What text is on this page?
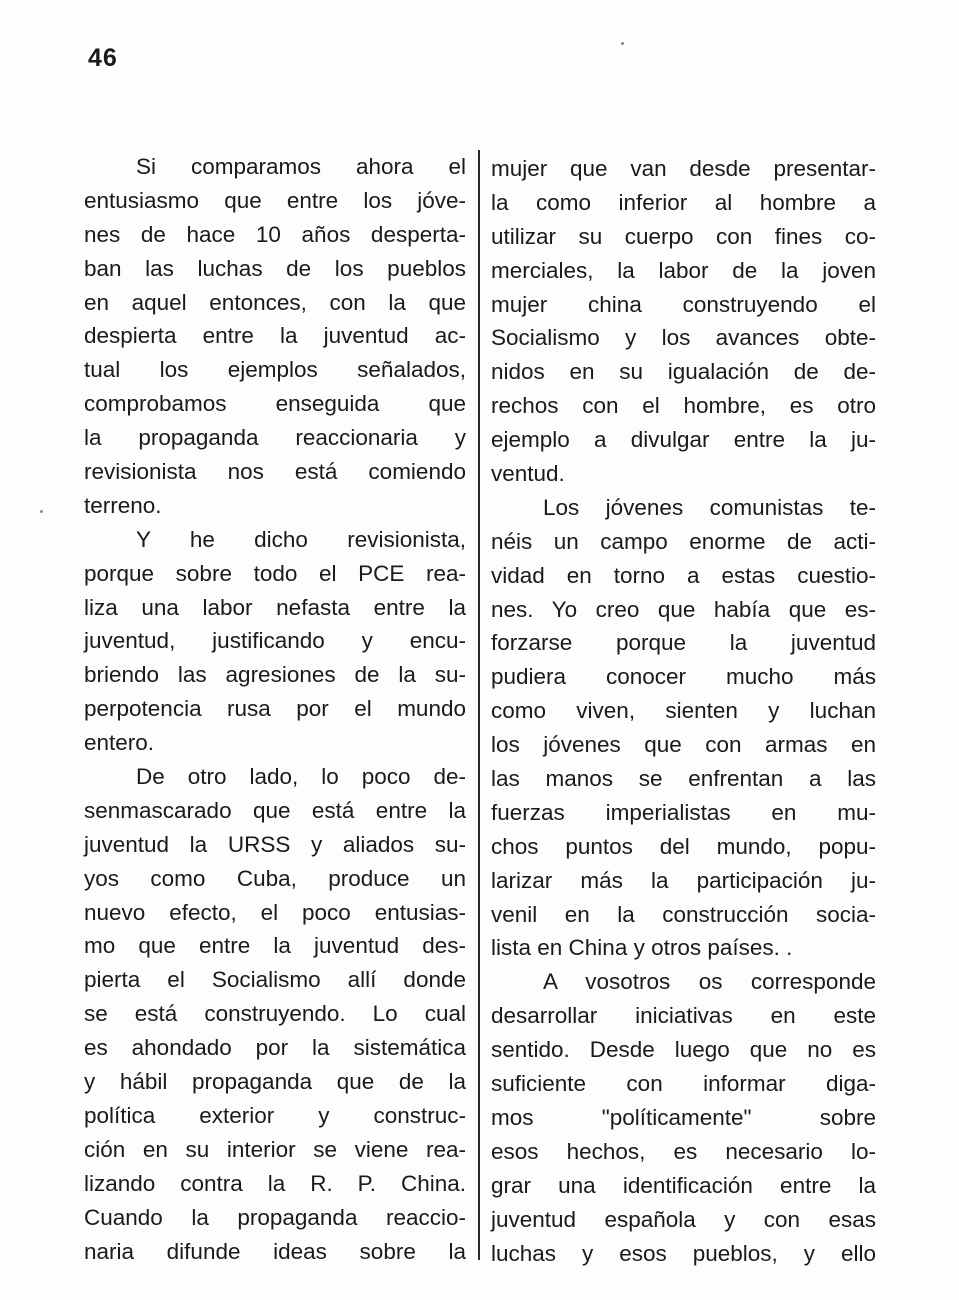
46
Si comparamos ahora el
entusiasmo que entre los jóve-
nes de hace 10 años desperta-
ban las luchas de los pueblos
en aquel entonces, con la que
despierta entre la juventud ac-
tual los ejemplos señalados,
comprobamos enseguida que
la propaganda reaccionaria y
revisionista nos está comiendo
terreno.
Y he dicho revisionista,
porque sobre todo el PCE rea-
liza una labor nefasta entre la
juventud, justificando y encu-
briendo las agresiones de la su-
perpotencia rusa por el mundo
entero.
De otro lado, lo poco de-
senmascarado que está entre la
juventud la URSS y aliados su-
yos como Cuba, produce un
nuevo efecto, el poco entusias-
mo que entre la juventud des-
pierta el Socialismo allí donde
se está construyendo. Lo cual
es ahondado por la sistemática
y hábil propaganda que de la
política exterior y construc-
ción en su interior se viene rea-
lizando contra la R. P. China.
Cuando la propaganda reaccio-
naria difunde ideas sobre la
mujer que van desde presentar-
la como inferior al hombre a
utilizar su cuerpo con fines co-
merciales, la labor de la joven
mujer china construyendo el
Socialismo y los avances obte-
nidos en su igualación de de-
rechos con el hombre, es otro
ejemplo a divulgar entre la ju-
ventud.
Los jóvenes comunistas te-
néis un campo enorme de acti-
vidad en torno a estas cuestio-
nes. Yo creo que había que es-
forzarse porque la juventud
pudiera conocer mucho más
como viven, sienten y luchan
los jóvenes que con armas en
las manos se enfrentan a las
fuerzas imperialistas en mu-
chos puntos del mundo, popu-
larizar más la participación ju-
venil en la construcción socia-
lista en China y otros países. .
A vosotros os corresponde
desarrollar iniciativas en este
sentido. Desde luego que no es
suficiente con informar diga-
mos "políticamente" sobre
esos hechos, es necesario lo-
grar una identificación entre la
juventud española y con esas
luchas y esos pueblos, y ello
